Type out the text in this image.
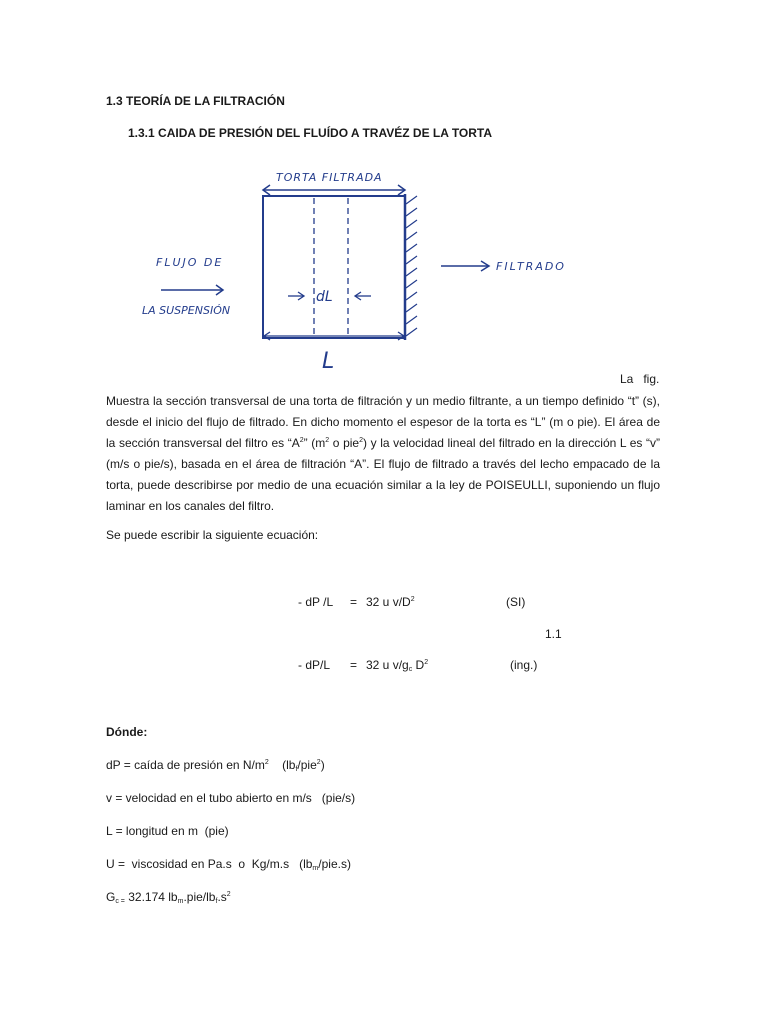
1.3 TEORÍA DE LA FILTRACIÓN
1.3.1 CAIDA DE PRESIÓN DEL FLUÍDO A TRAVÉZ DE LA TORTA
TORTA FILTRADA
FLUJO DE
LA SUSPENSIÓN
dL
L
FILTRADO
La   fig.
Muestra la sección transversal de una torta de filtración y un medio filtrante, a un tiempo definido “t” (s), desde el inicio del flujo de filtrado. En dicho momento el espesor de la torta es “L” (m o pie). El área de la sección transversal del filtro es “$A^2$” ($m^2$ o pie$^2$) y la velocidad lineal del filtrado en la dirección L es “v” (m/s o pie/s), basada en el área de filtración “A”. El flujo de filtrado a través del lecho empacado de la torta, puede describirse por medio de una ecuación similar a la ley de POISEULLI, suponiendo un flujo laminar en los canales del filtro.
Se puede escribir la siguiente ecuación:
- dP /L = 32 u $v/D^2$	(SI)
1.1
- dP/L = 32 u $v/g_c$ $D^2$	(ing.)
Dónde:
dP = caída de presión en $N/m^2$    $(lb_f/pie^2)$
v = velocidad en el tubo abierto en m/s   (pie/s)
L = longitud en m  (pie)
U =  viscosidad en Pa.s  o  Kg/m.s   $(lb_m/pie.s)$
$G_{c =}$ 32.174 $lb_m.pie/lb_f.s^2$
